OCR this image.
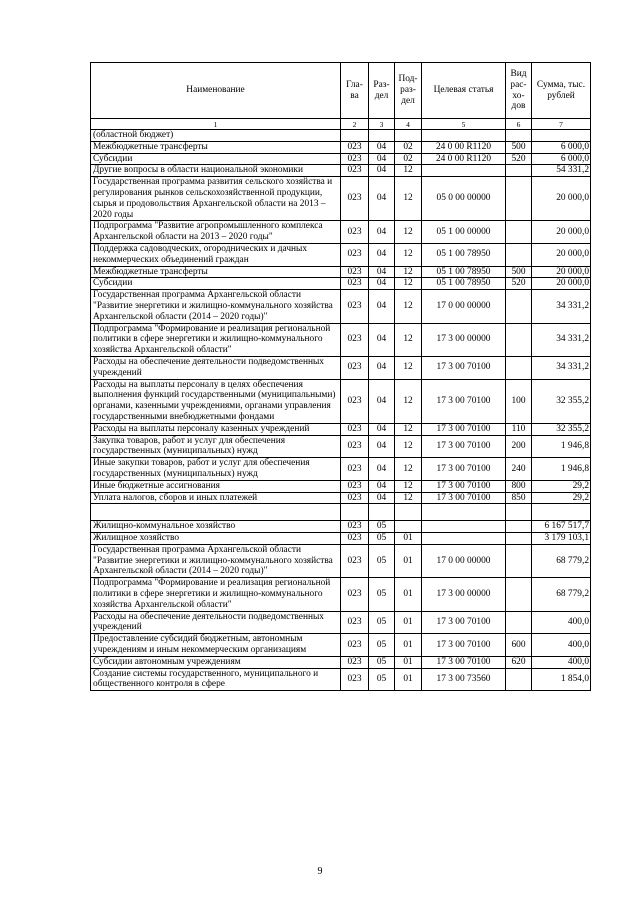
Наименование	Гла-ва	Раз-дел	Под-раз-дел	Целевая статья	Вид рас-хо-дов	Сумма, тыс. рублей
1	2	3	4	5	6	7
(областной бюджет)						
Межбюджетные трансферты	023	04	02	24 0 00 R1120	500	6 000,0
Субсидии	023	04	02	24 0 00 R1120	520	6 000,0
Другие вопросы в области национальной экономики	023	04	12			54 331,2
Государственная программа развития сельского хозяйства и регулирования рынков сельскохозяйственной продукции, сырья и продовольствия Архангельской области на 2013 – 2020 годы	023	04	12	05 0 00 00000		20 000,0
Подпрограмма "Развитие агропромышленного комплекса Архангельской области на 2013 – 2020 годы"	023	04	12	05 1 00 00000		20 000,0
Поддержка садоводческих, огороднических и дачных некоммерческих объединений граждан	023	04	12	05 1 00 78950		20 000,0
Межбюджетные трансферты	023	04	12	05 1 00 78950	500	20 000,0
Субсидии	023	04	12	05 1 00 78950	520	20 000,0
Государственная программа Архангельской области "Развитие энергетики и жилищно-коммунального хозяйства Архангельской области (2014 – 2020 годы)"	023	04	12	17 0 00 00000		34 331,2
Подпрограмма "Формирование и реализация региональной политики в сфере энергетики и жилищно-коммунального хозяйства Архангельской области"	023	04	12	17 3 00 00000		34 331,2
Расходы на обеспечение деятельности подведомственных учреждений	023	04	12	17 3 00 70100		34 331,2
Расходы на выплаты персоналу в целях обеспечения выполнения функций государственными (муниципальными) органами, казенными учреждениями, органами управления государственными внебюджетными фондами	023	04	12	17 3 00 70100	100	32 355,2
Расходы на выплаты персоналу казенных учреждений	023	04	12	17 3 00 70100	110	32 355,2
Закупка товаров, работ и услуг для обеспечения государственных (муниципальных) нужд	023	04	12	17 3 00 70100	200	1 946,8
Иные закупки товаров, работ и услуг для обеспечения государственных (муниципальных) нужд	023	04	12	17 3 00 70100	240	1 946,8
Иные бюджетные ассигнования	023	04	12	17 3 00 70100	800	29,2
Уплата налогов, сборов и иных платежей	023	04	12	17 3 00 70100	850	29,2

Жилищно-коммунальное хозяйство	023	05				6 167 517,7
Жилищное хозяйство	023	05	01			3 179 103,1
Государственная программа Архангельской области "Развитие энергетики и жилищно-коммунального хозяйства Архангельской области (2014 – 2020 годы)"	023	05	01	17 0 00 00000		68 779,2
Подпрограмма "Формирование и реализация региональной политики в сфере энергетики и жилищно-коммунального хозяйства Архангельской области"	023	05	01	17 3 00 00000		68 779,2
Расходы на обеспечение деятельности подведомственных учреждений	023	05	01	17 3 00 70100		400,0
Предоставление субсидий бюджетным, автономным учреждениям и иным некоммерческим организациям	023	05	01	17 3 00 70100	600	400,0
Субсидии автономным учреждениям	023	05	01	17 3 00 70100	620	400,0
Создание системы государственного, муниципального и общественного контроля в сфере	023	05	01	17 3 00 73560		1 854,0
9
